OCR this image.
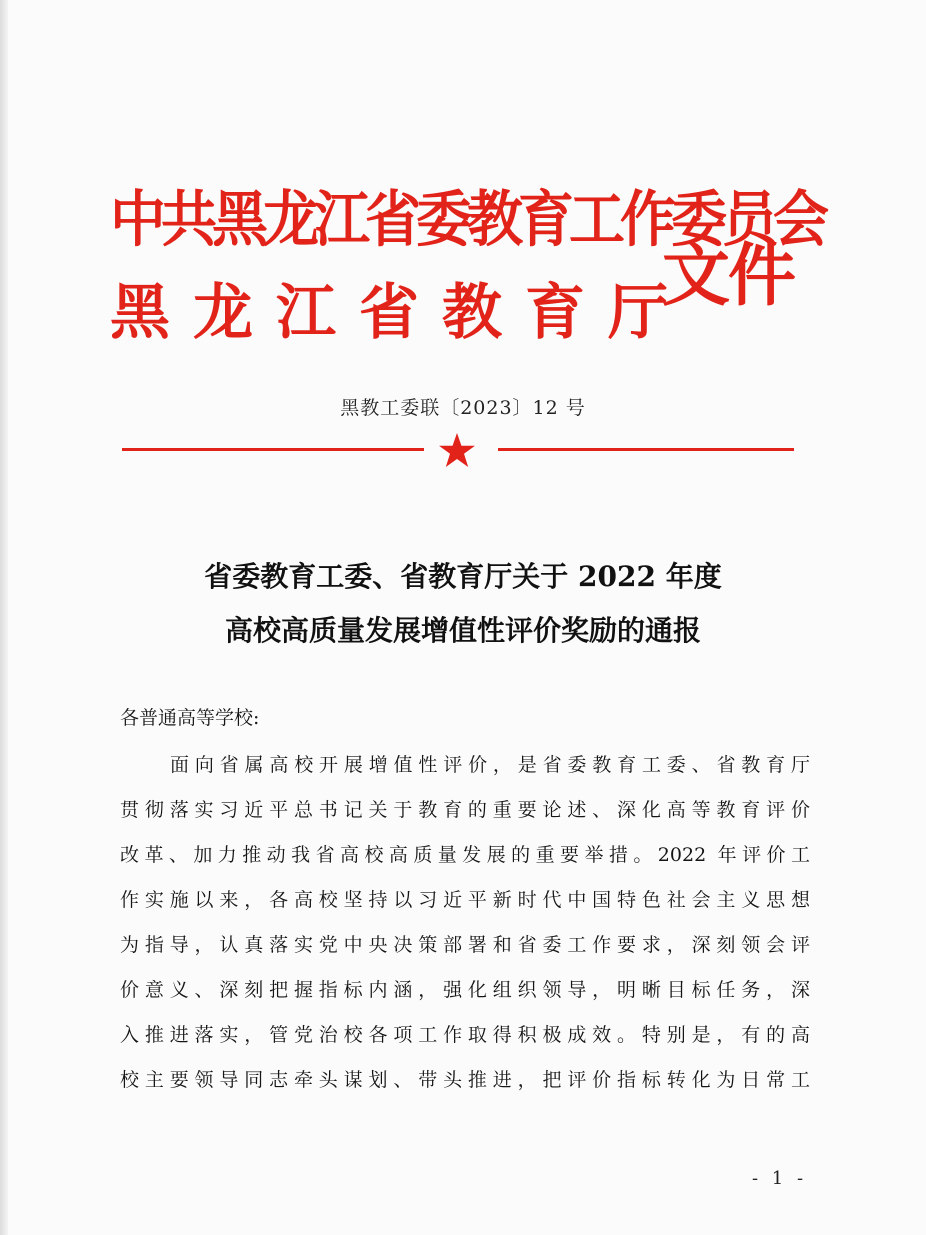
中共黑龙江省委教育工作委员会
黑龙江省教育厅
文件
黑教工委联〔2023〕12 号
省委教育工委、省教育厅关于 2022 年度
高校高质量发展增值性评价奖励的通报
各普通高等学校:
面向省属高校开展增值性评价，是省委教育工委、省教育厅
贯彻落实习近平总书记关于教育的重要论述、深化高等教育评价
改革、加力推动我省高校高质量发展的重要举措。2022 年评价工
作实施以来，各高校坚持以习近平新时代中国特色社会主义思想
为指导，认真落实党中央决策部署和省委工作要求，深刻领会评
价意义、深刻把握指标内涵，强化组织领导，明晰目标任务，深
入推进落实，管党治校各项工作取得积极成效。特别是，有的高
校主要领导同志牵头谋划、带头推进，把评价指标转化为日常工
- 1 -
